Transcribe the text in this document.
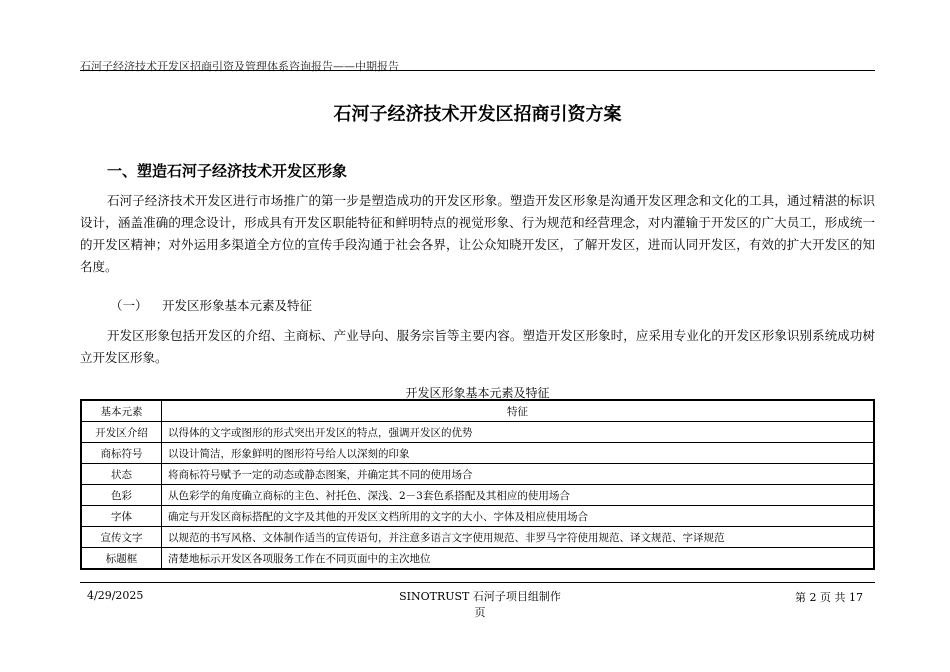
石河子经济技术开发区招商引资及管理体系咨询报告——中期报告
石河子经济技术开发区招商引资方案
一、塑造石河子经济技术开发区形象
石河子经济技术开发区进行市场推广的第一步是塑造成功的开发区形象。塑造开发区形象是沟通开发区理念和文化的工具，通过精湛的标识设计，涵盖准确的理念设计，形成具有开发区职能特征和鲜明特点的视觉形象、行为规范和经营理念，对内灌输于开发区的广大员工，形成统一的开发区精神；对外运用多渠道全方位的宣传手段沟通于社会各界，让公众知晓开发区，了解开发区，进而认同开发区，有效的扩大开发区的知名度。
（一） 开发区形象基本元素及特征
开发区形象包括开发区的介绍、主商标、产业导向、服务宗旨等主要内容。塑造开发区形象时，应采用专业化的开发区形象识别系统成功树立开发区形象。
开发区形象基本元素及特征
基本元素	特征
开发区介绍	以得体的文字或图形的形式突出开发区的特点，强调开发区的优势
商标符号	以设计简洁，形象鲜明的图形符号给人以深刻的印象
状态	将商标符号赋予一定的动态或静态图案，并确定其不同的使用场合
色彩	从色彩学的角度确立商标的主色、衬托色、深浅、2－3套色系搭配及其相应的使用场合
字体	确定与开发区商标搭配的文字及其他的开发区文档所用的文字的大小、字体及相应使用场合
宣传文字	以规范的书写风格、文体制作适当的宣传语句，并注意多语言文字使用规范、非罗马字符使用规范、译文规范、字译规范
标题框	清楚地标示开发区各项服务工作在不同页面中的主次地位
4/29/2025	SINOTRUST 石河子项目组制作
页
第 2 页 共 17
